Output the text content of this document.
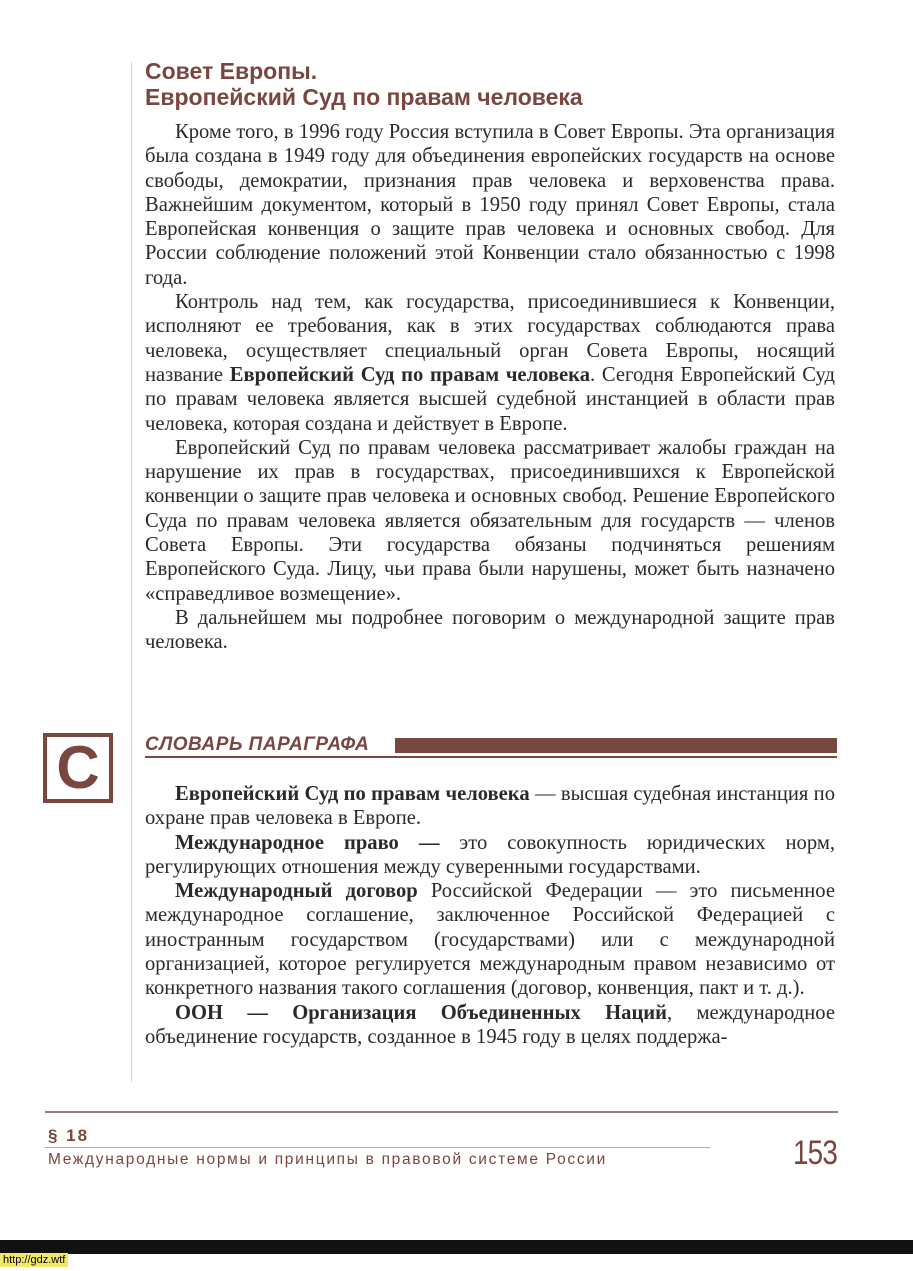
Совет Европы.
Европейский Суд по правам человека

Кроме того, в 1996 году Россия вступила в Совет Европы. Эта организация была создана в 1949 году для объединения европейских государств на основе свободы, демократии, признания прав человека и верховенства права. Важнейшим документом, который в 1950 году принял Совет Европы, стала Европейская конвенция о защите прав человека и основных свобод. Для России соблюдение положений этой Конвенции стало обязанностью с 1998 года.

Контроль над тем, как государства, присоединившиеся к Конвенции, исполняют ее требования, как в этих государствах соблюдаются права человека, осуществляет специальный орган Совета Европы, носящий название Европейский Суд по правам человека. Сегодня Европейский Суд по правам человека является высшей судебной инстанцией в области прав человека, которая создана и действует в Европе.

Европейский Суд по правам человека рассматривает жалобы граждан на нарушение их прав в государствах, присоединившихся к Европейской конвенции о защите прав человека и основных свобод. Решение Европейского Суда по правам человека является обязательным для государств — членов Совета Европы. Эти государства обязаны подчиняться решениям Европейского Суда. Лицу, чьи права были нарушены, может быть назначено «справедливое возмещение».

В дальнейшем мы подробнее поговорим о международной защите прав человека.

С	СЛОВАРЬ ПАРАГРАФА

Европейский Суд по правам человека — высшая судебная инстанция по охране прав человека в Европе.

Международное право — это совокупность юридических норм, регулирующих отношения между суверенными государствами.

Международный договор Российской Федерации — это письменное международное соглашение, заключенное Российской Федерацией с иностранным государством (государствами) или с международной организацией, которое регулируется международным правом независимо от конкретного названия такого соглашения (договор, конвенция, пакт и т. д.).

ООН — Организация Объединенных Наций, международное объединение государств, созданное в 1945 году в целях поддержа-

§ 18
Международные нормы и принципы в правовой системе России	153
http://gdz.wtf
